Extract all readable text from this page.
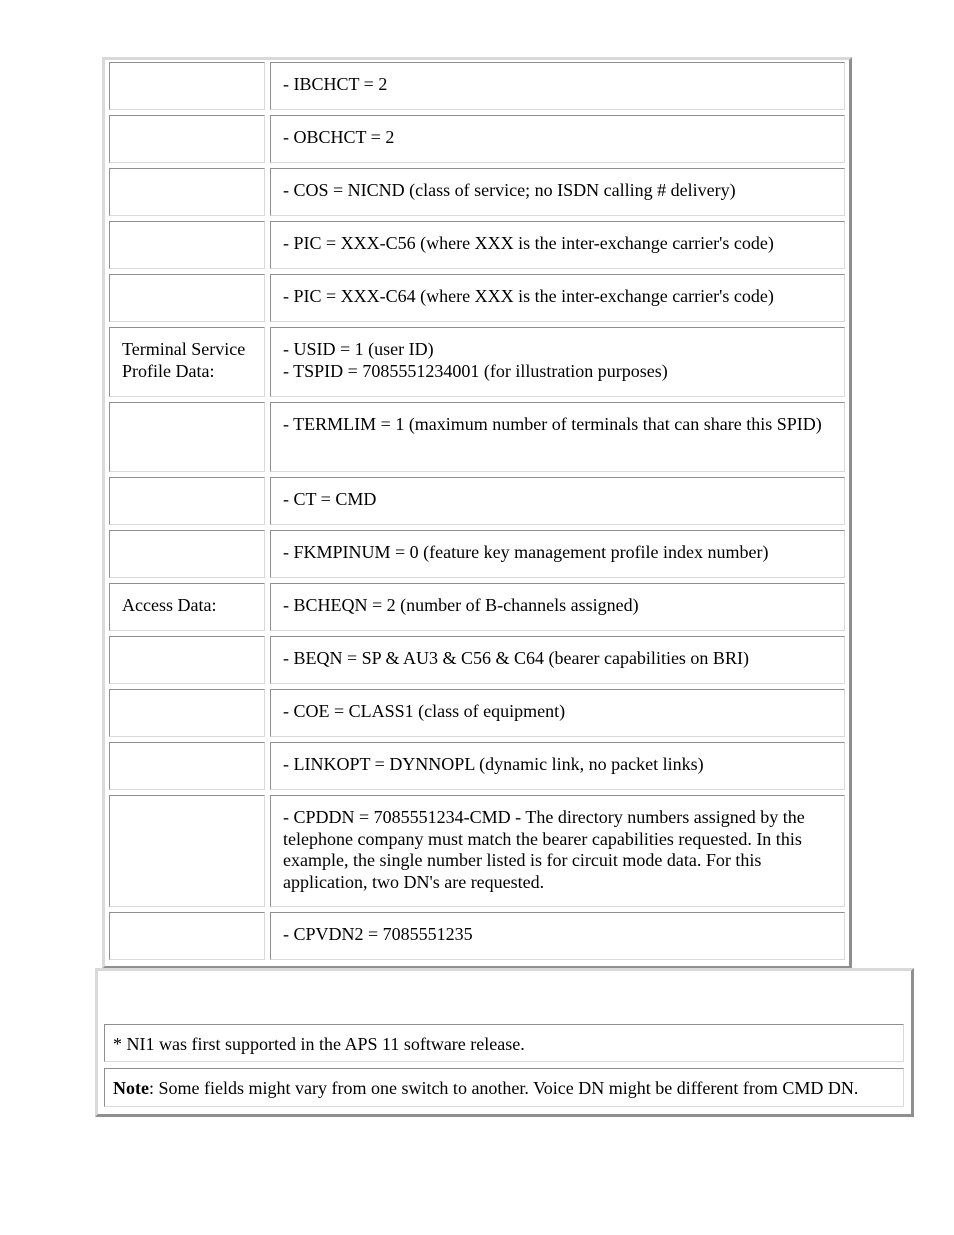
- IBCHCT = 2
- OBCHCT = 2
- COS = NICND (class of service; no ISDN calling # delivery)
- PIC = XXX-C56 (where XXX is the inter-exchange carrier's code)
- PIC = XXX-C64 (where XXX is the inter-exchange carrier's code)
Terminal Service Profile Data:
- USID = 1 (user ID)
- TSPID = 7085551234001 (for illustration purposes)
- TERMLIM = 1 (maximum number of terminals that can share this SPID)
- CT = CMD
- FKMPINUM = 0 (feature key management profile index number)
Access Data:	- BCHEQN = 2 (number of B-channels assigned)
- BEQN = SP & AU3 & C56 & C64 (bearer capabilities on BRI)
- COE = CLASS1 (class of equipment)
- LINKOPT = DYNNOPL (dynamic link, no packet links)
- CPDDN = 7085551234-CMD - The directory numbers assigned by the telephone company must match the bearer capabilities requested. In this example, the single number listed is for circuit mode data. For this application, two DN's are requested.
- CPVDN2 = 7085551235
* NI1 was first supported in the APS 11 software release.
Note: Some fields might vary from one switch to another. Voice DN might be different from CMD DN.
